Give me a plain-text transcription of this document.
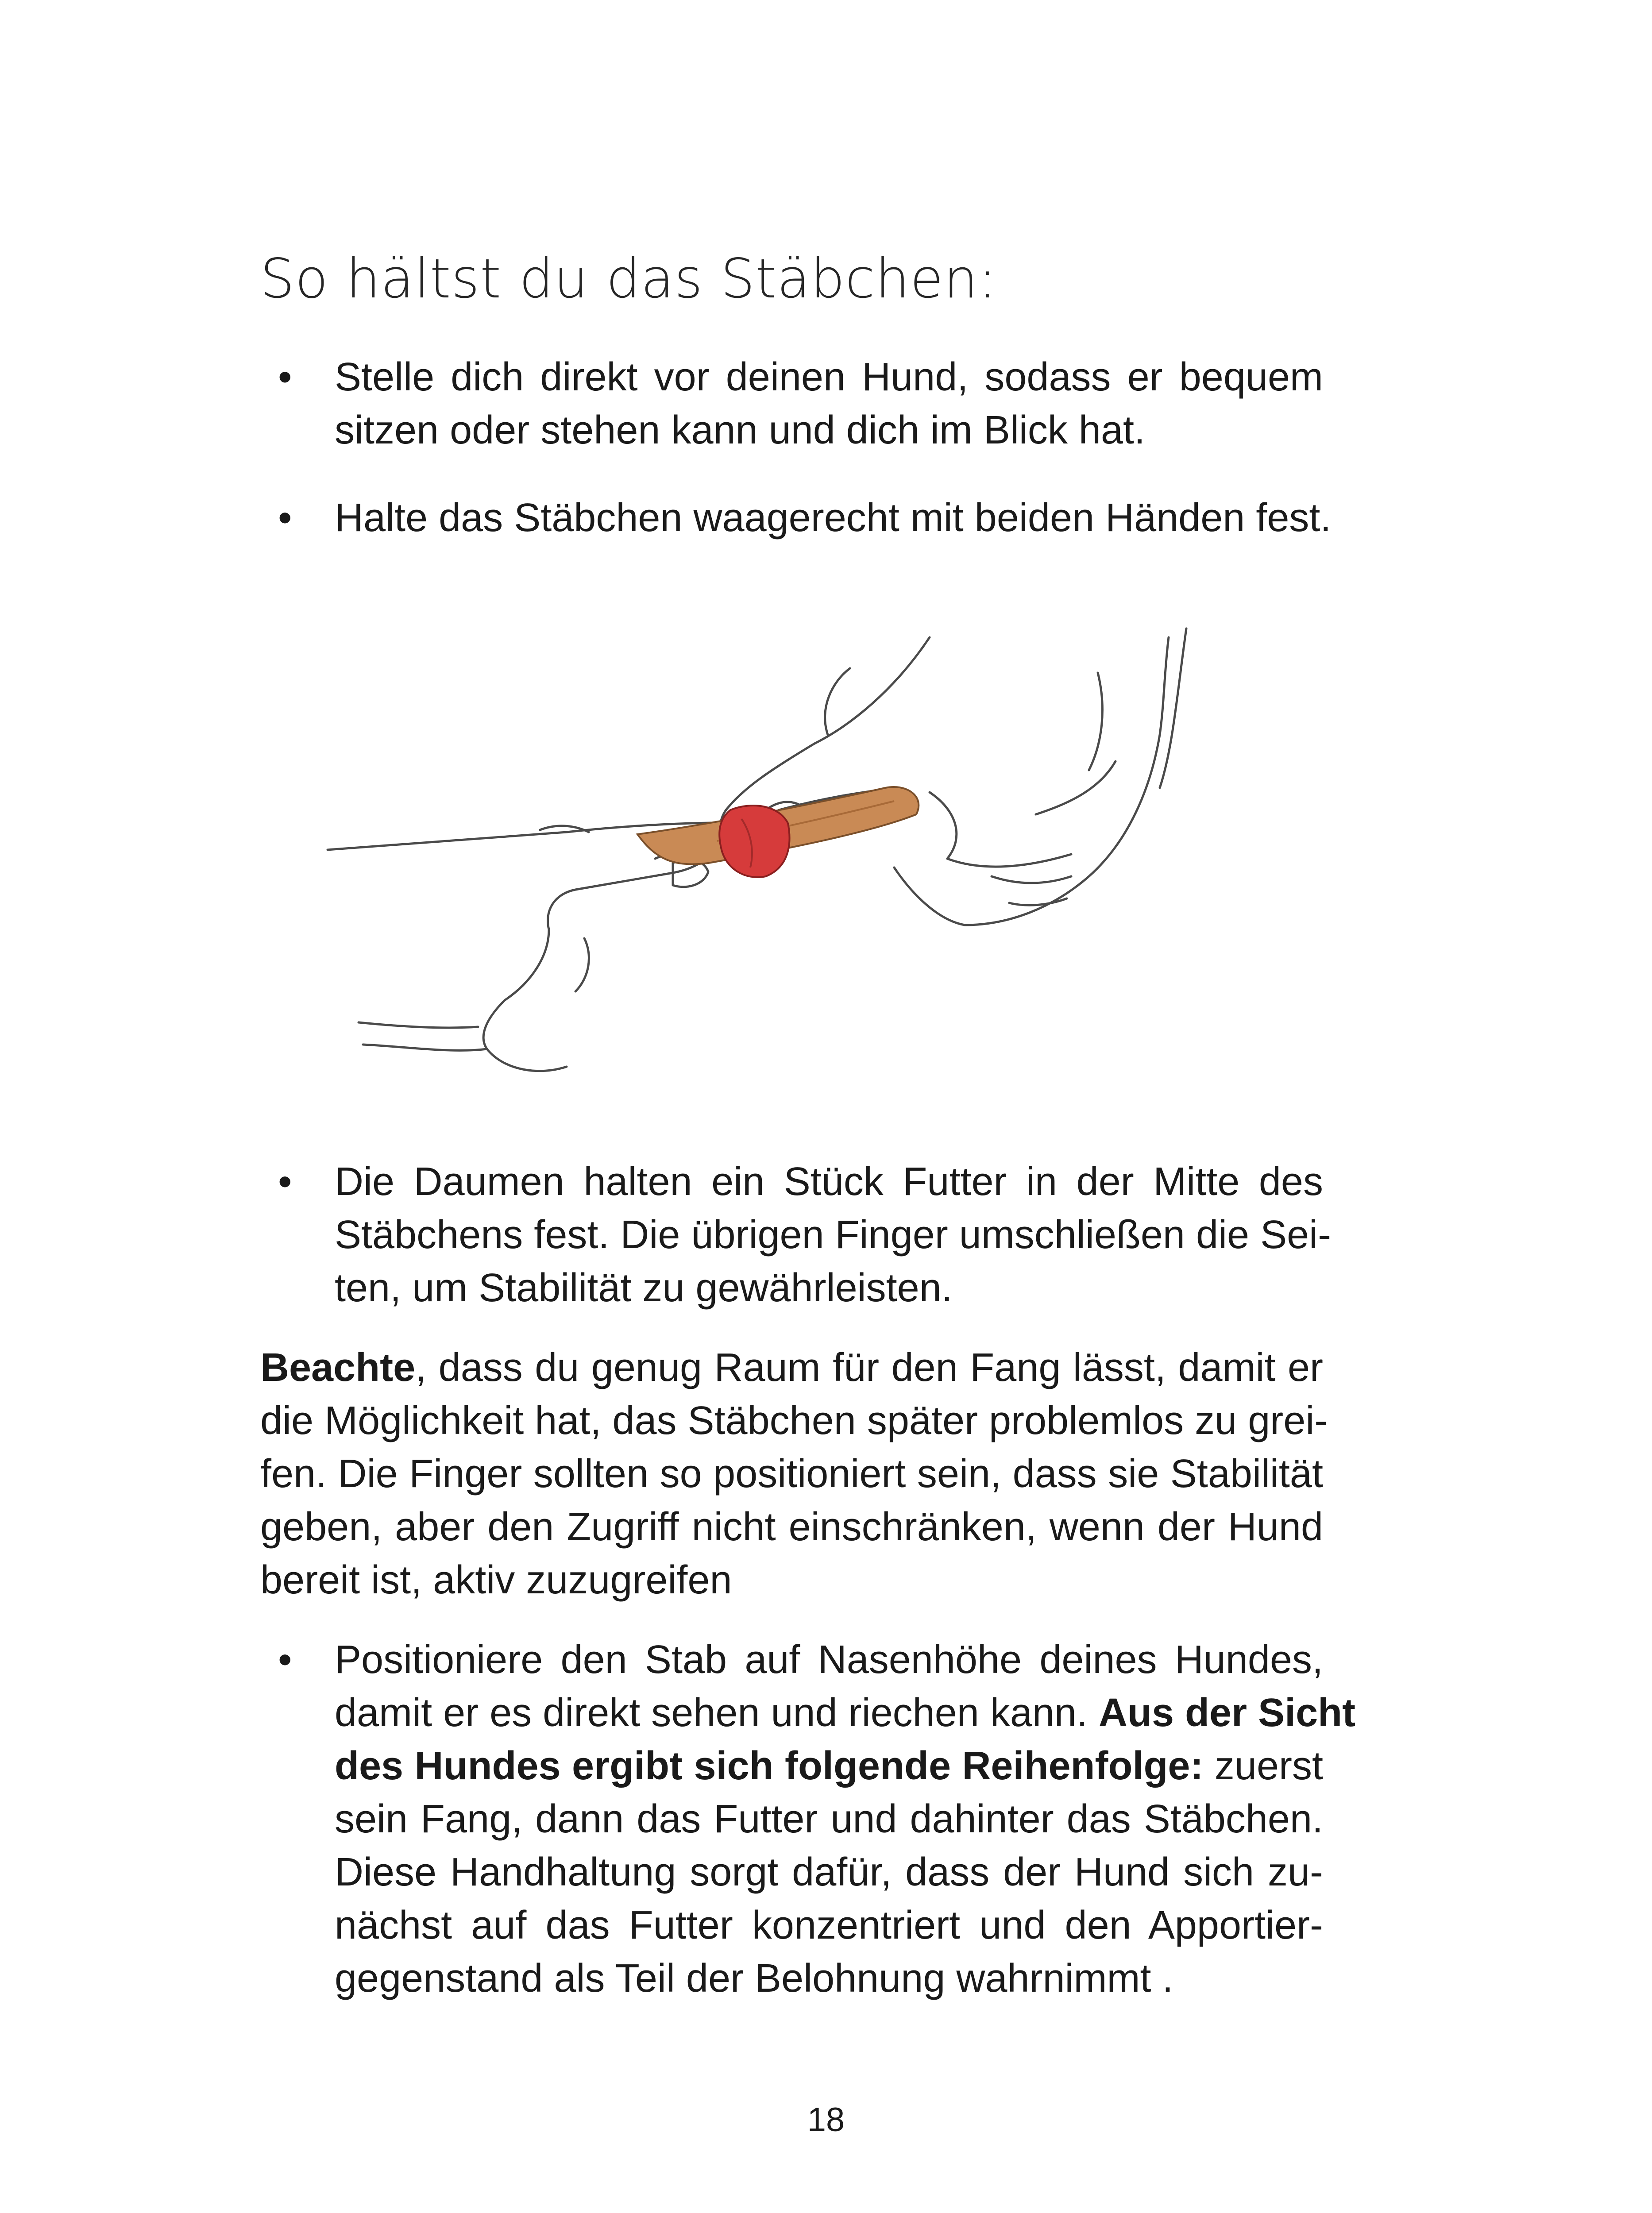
So hältst du das Stäbchen:
• Stelle dich direkt vor deinen Hund, sodass er bequem
sitzen oder stehen kann und dich im Blick hat.
• Halte das Stäbchen waagerecht mit beiden Händen fest.
• Die Daumen halten ein Stück Futter in der Mitte des
Stäbchens fest. Die übrigen Finger umschließen die Sei-
ten, um Stabilität zu gewährleisten.
Beachte, dass du genug Raum für den Fang lässt, damit er
die Möglichkeit hat, das Stäbchen später problemlos zu grei-
fen. Die Finger sollten so positioniert sein, dass sie Stabilität
geben, aber den Zugriff nicht einschränken, wenn der Hund
bereit ist, aktiv zuzugreifen
• Positioniere den Stab auf Nasenhöhe deines Hundes,
damit er es direkt sehen und riechen kann. Aus der Sicht
des Hundes ergibt sich folgende Reihenfolge: zuerst
sein Fang, dann das Futter und dahinter das Stäbchen.
Diese Handhaltung sorgt dafür, dass der Hund sich zu-
nächst auf das Futter konzentriert und den Apportier-
gegenstand als Teil der Belohnung wahrnimmt .
18
